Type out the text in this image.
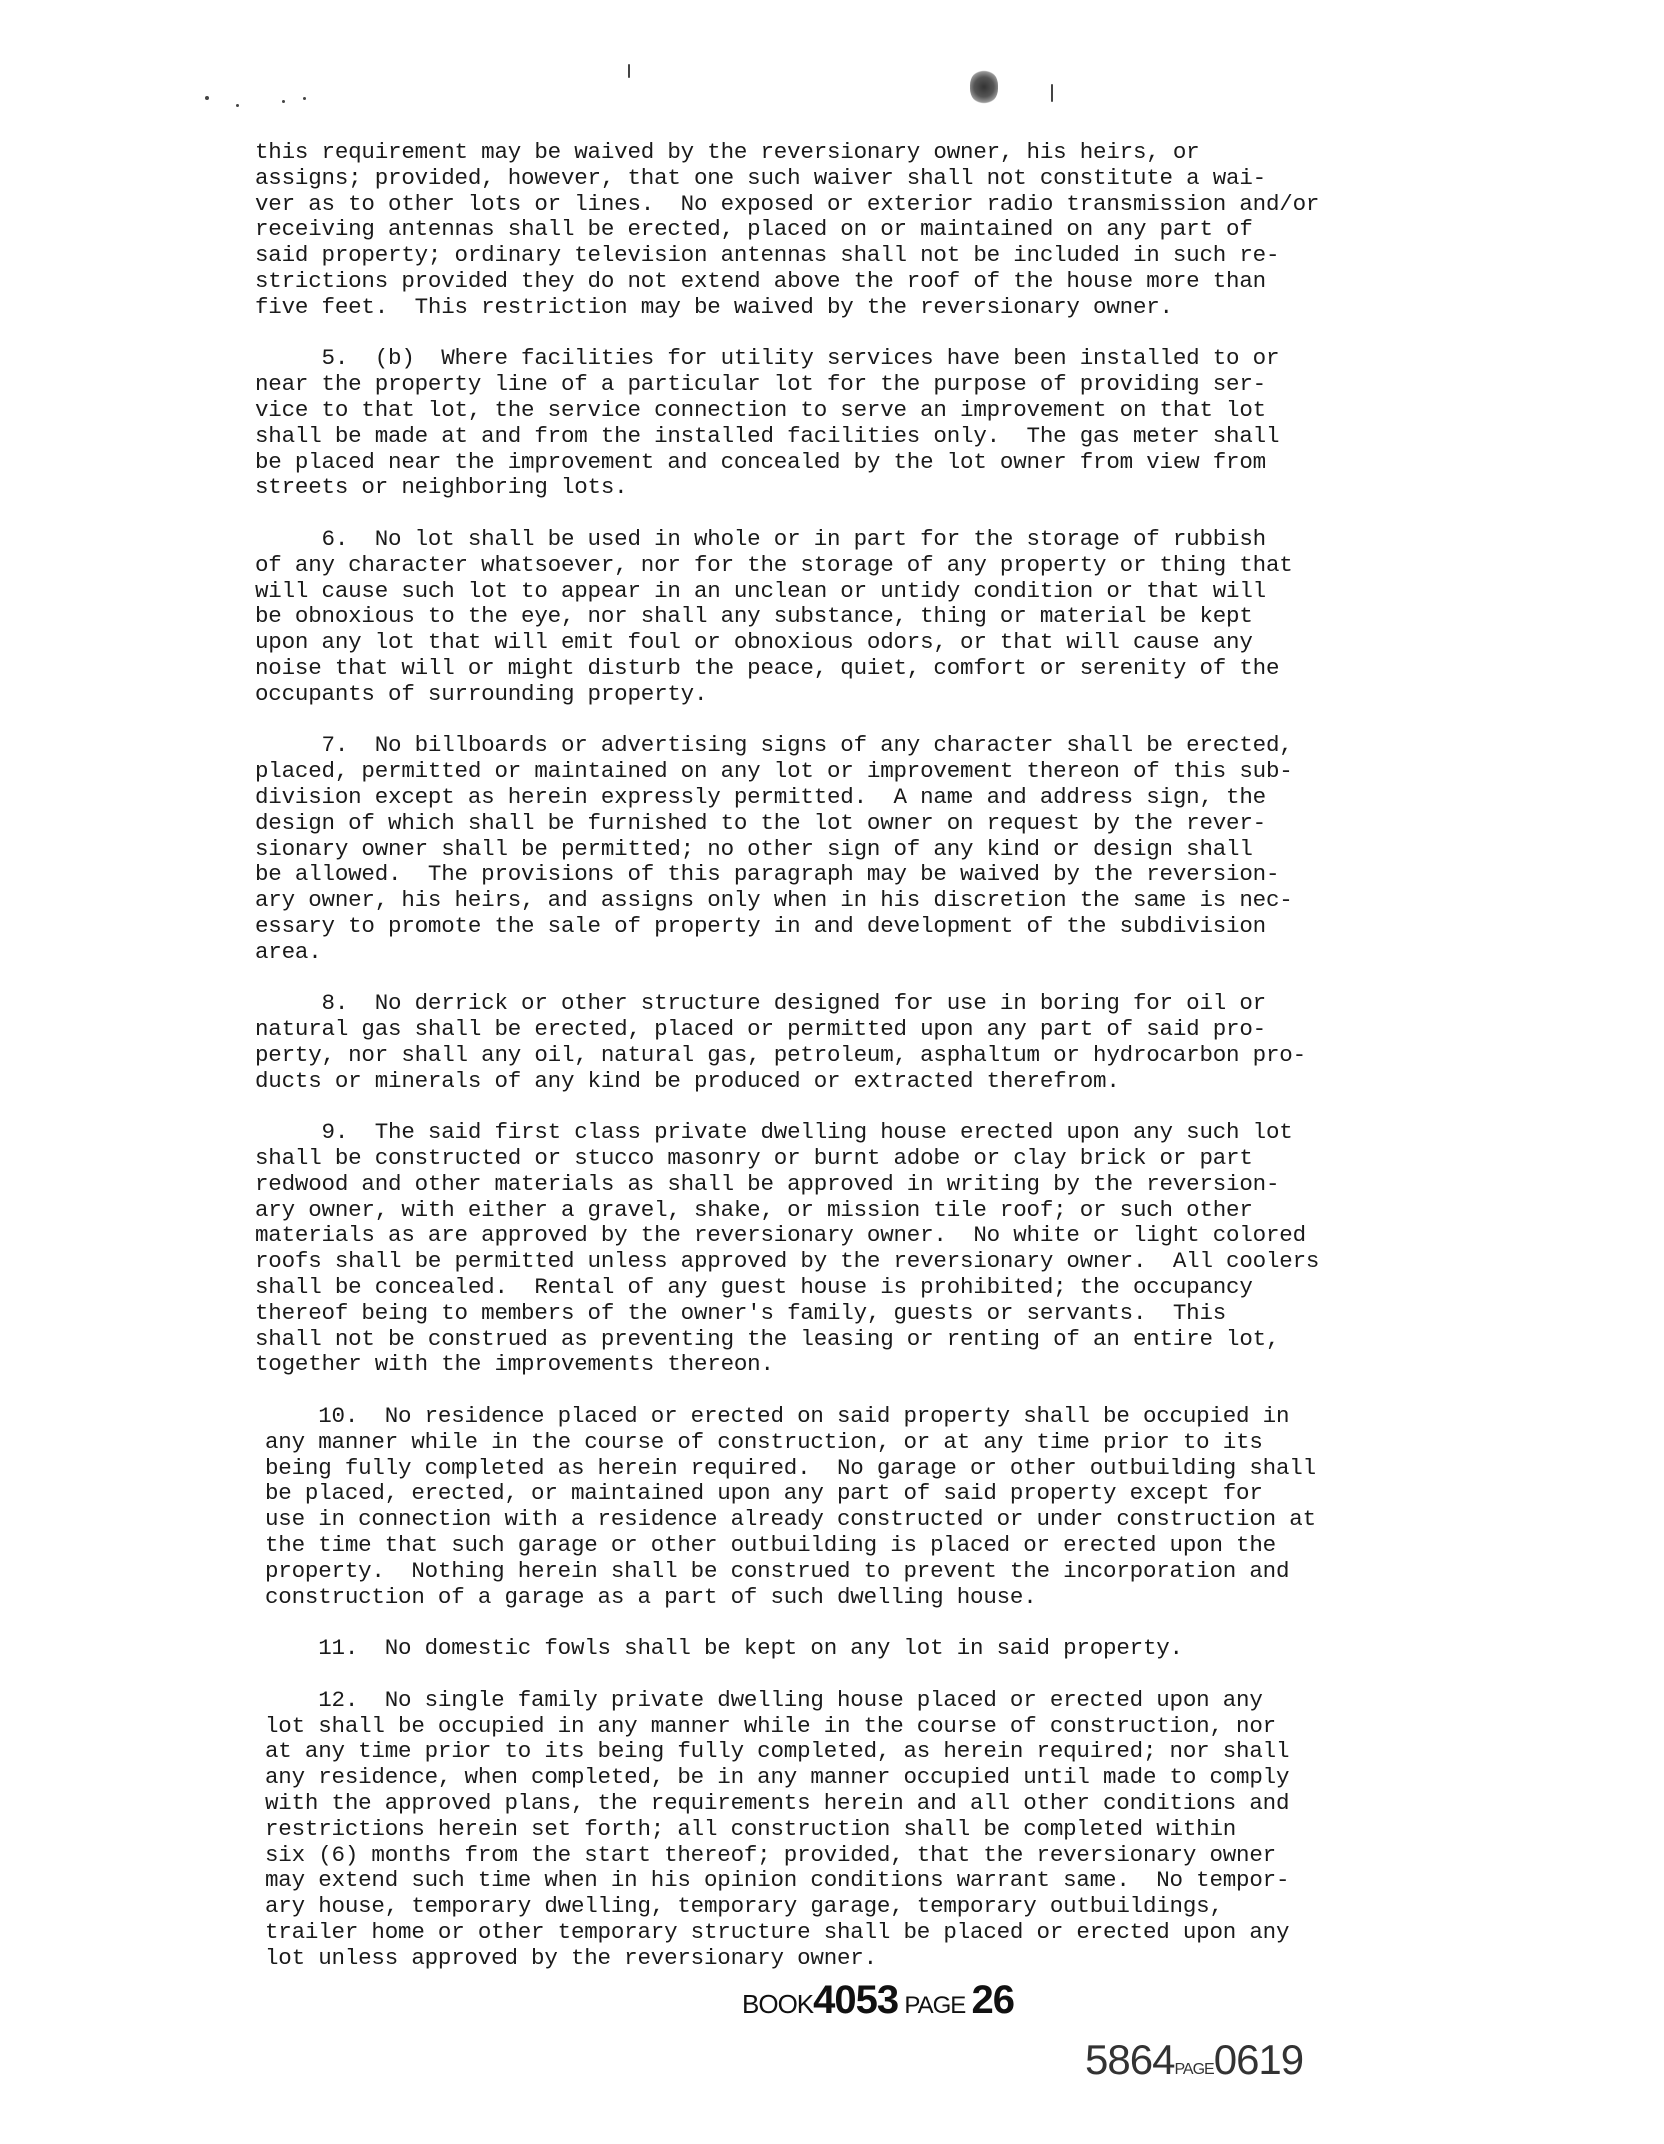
this requirement may be waived by the reversionary owner, his heirs, or
assigns; provided, however, that one such waiver shall not constitute a wai-
ver as to other lots or lines.  No exposed or exterior radio transmission and/or
receiving antennas shall be erected, placed on or maintained on any part of
said property; ordinary television antennas shall not be included in such re-
strictions provided they do not extend above the roof of the house more than
five feet.  This restriction may be waived by the reversionary owner.
5.  (b)  Where facilities for utility services have been installed to or
near the property line of a particular lot for the purpose of providing ser-
vice to that lot, the service connection to serve an improvement on that lot
shall be made at and from the installed facilities only.  The gas meter shall
be placed near the improvement and concealed by the lot owner from view from
streets or neighboring lots.
6.  No lot shall be used in whole or in part for the storage of rubbish
of any character whatsoever, nor for the storage of any property or thing that
will cause such lot to appear in an unclean or untidy condition or that will
be obnoxious to the eye, nor shall any substance, thing or material be kept
upon any lot that will emit foul or obnoxious odors, or that will cause any
noise that will or might disturb the peace, quiet, comfort or serenity of the
occupants of surrounding property.
7.  No billboards or advertising signs of any character shall be erected,
placed, permitted or maintained on any lot or improvement thereon of this sub-
division except as herein expressly permitted.  A name and address sign, the
design of which shall be furnished to the lot owner on request by the rever-
sionary owner shall be permitted; no other sign of any kind or design shall
be allowed.  The provisions of this paragraph may be waived by the reversion-
ary owner, his heirs, and assigns only when in his discretion the same is nec-
essary to promote the sale of property in and development of the subdivision
area.
8.  No derrick or other structure designed for use in boring for oil or
natural gas shall be erected, placed or permitted upon any part of said pro-
perty, nor shall any oil, natural gas, petroleum, asphaltum or hydrocarbon pro-
ducts or minerals of any kind be produced or extracted therefrom.
9.  The said first class private dwelling house erected upon any such lot
shall be constructed or stucco masonry or burnt adobe or clay brick or part
redwood and other materials as shall be approved in writing by the reversion-
ary owner, with either a gravel, shake, or mission tile roof; or such other
materials as are approved by the reversionary owner.  No white or light colored
roofs shall be permitted unless approved by the reversionary owner.  All coolers
shall be concealed.  Rental of any guest house is prohibited; the occupancy
thereof being to members of the owner's family, guests or servants.  This
shall not be construed as preventing the leasing or renting of an entire lot,
together with the improvements thereon.
10.  No residence placed or erected on said property shall be occupied in
any manner while in the course of construction, or at any time prior to its
being fully completed as herein required.  No garage or other outbuilding shall
be placed, erected, or maintained upon any part of said property except for
use in connection with a residence already constructed or under construction at
the time that such garage or other outbuilding is placed or erected upon the
property.  Nothing herein shall be construed to prevent the incorporation and
construction of a garage as a part of such dwelling house.
11.  No domestic fowls shall be kept on any lot in said property.
12.  No single family private dwelling house placed or erected upon any
lot shall be occupied in any manner while in the course of construction, nor
at any time prior to its being fully completed, as herein required; nor shall
any residence, when completed, be in any manner occupied until made to comply
with the approved plans, the requirements herein and all other conditions and
restrictions herein set forth; all construction shall be completed within
six (6) months from the start thereof; provided, that the reversionary owner
may extend such time when in his opinion conditions warrant same.  No tempor-
ary house, temporary dwelling, temporary garage, temporary outbuildings,
trailer home or other temporary structure shall be placed or erected upon any
lot unless approved by the reversionary owner.
BOOK4053 PAGE 26
5864PAGE0619
